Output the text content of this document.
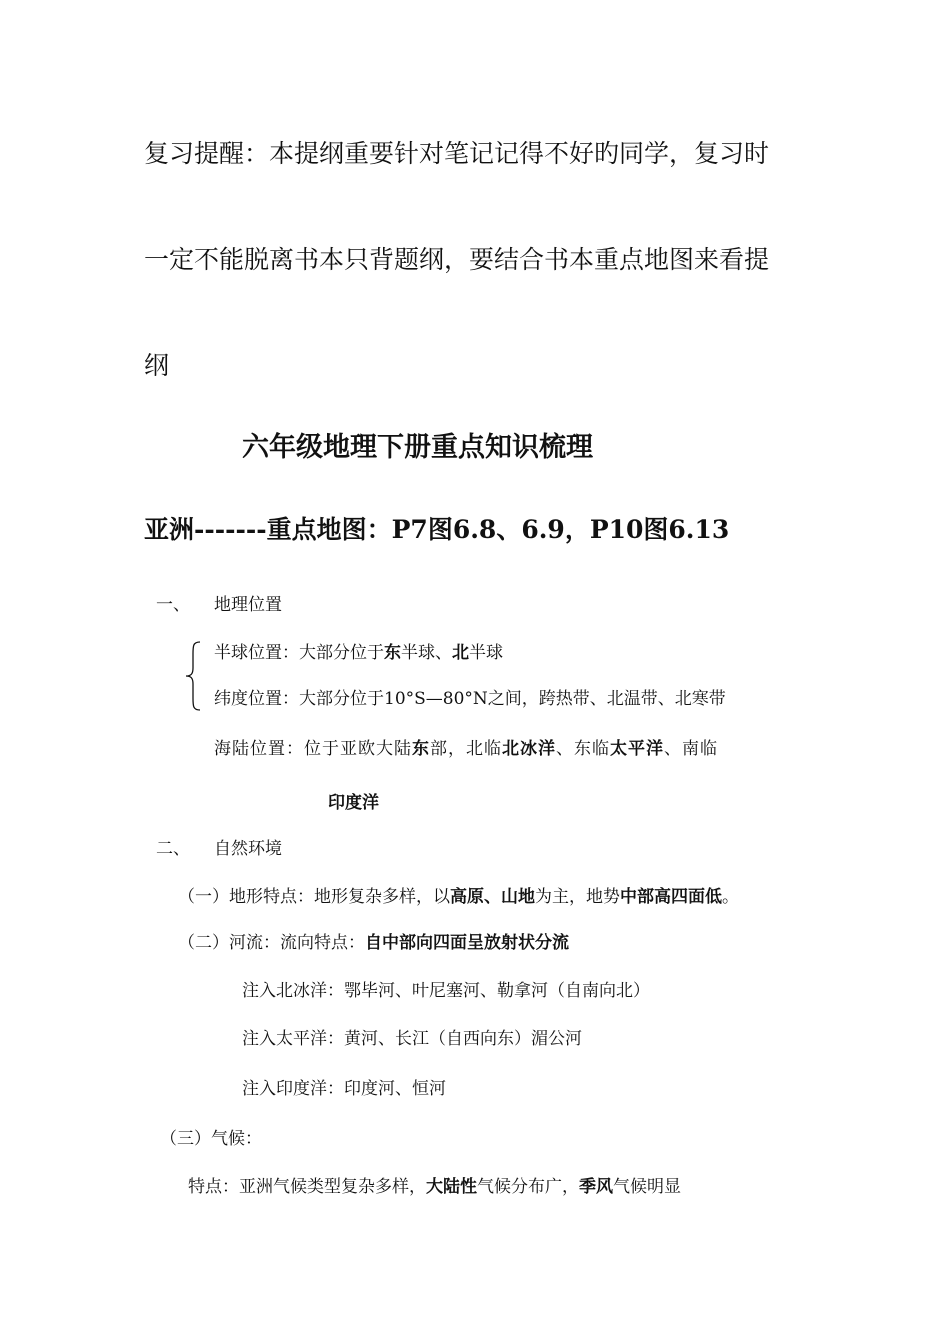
复习提醒：本提纲重要针对笔记记得不好旳同学，复习时
一定不能脱离书本只背题纲，要结合书本重点地图来看提
纲
六年级地理下册重点知识梳理
亚洲-------重点地图：P7图6.8、6.9，P10图6.13
一、 地理位置
半球位置：大部分位于东半球、北半球
纬度位置：大部分位于10°S—80°N之间，跨热带、北温带、北寒带
海陆位置：位于亚欧大陆东部，北临北冰洋、东临太平洋、南临
印度洋
二、 自然环境
（一）地形特点：地形复杂多样，以高原、山地为主，地势中部高四面低。
（二）河流：流向特点：自中部向四面呈放射状分流
注入北冰洋：鄂毕河、叶尼塞河、勒拿河（自南向北）
注入太平洋：黄河、长江（自西向东）湄公河
注入印度洋：印度河、恒河
（三）气候：
特点：亚洲气候类型复杂多样，大陆性气候分布广，季风气候明显
